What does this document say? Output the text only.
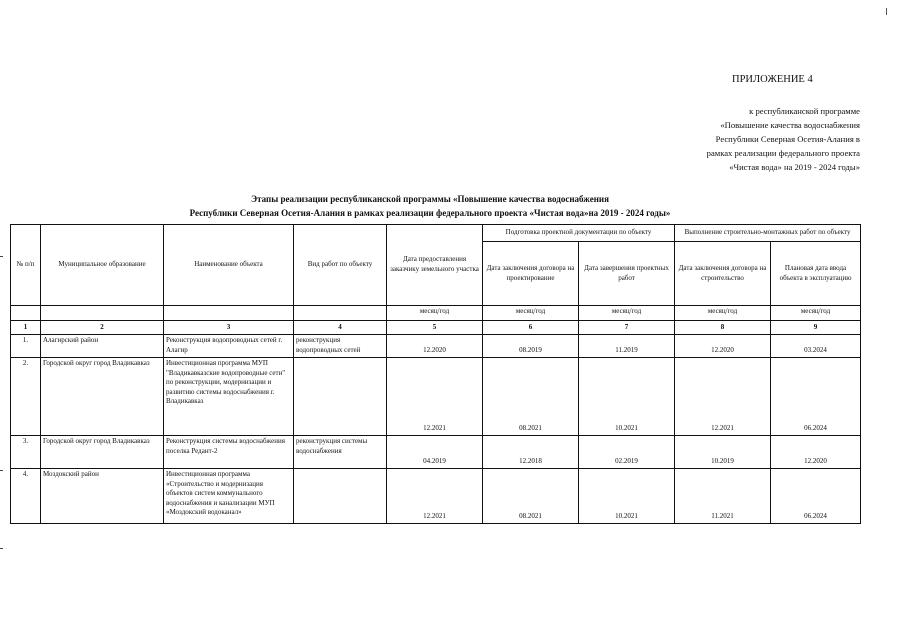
ПРИЛОЖЕНИЕ 4
к республиканской программе
«Повышение качества водоснабжения
Республики Северная Осетия-Алания в
рамках реализации федерального проекта
«Чистая вода» на 2019 - 2024 годы»
Этапы реализации республиканской программы «Повышение качества водоснабжения
Республики Северная Осетия-Алания в рамках реализации федерального проекта «Чистая вода»на 2019 - 2024 годы»
№ п/п	Муниципальное образование	Наименование объекта	Вид работ по объекту	Дата предоставления заказчику земельного участка	Подготовка проектной документации по объекту		Выполнение строительно-монтажных работ по объекту	
					Дата заключения договора на проектирование	Дата завершения проектных работ	Дата заключения договора на строительство	Плановая дата ввода объекта в эксплуатацию
				месяц/год	месяц/год	месяц/год	месяц/год	месяц/год
1	2	3	4	5	6	7	8	9
1.	Алагирский район	Реконструкция водопроводных сетей г. Алагир	реконструкция водопроводных сетей	12.2020	08.2019	11.2019	12.2020	03.2024
2.	Городской округ город Владикавказ	Инвестиционная программа МУП "Владикавказские водопроводные сети" по реконструкции, модернизации и развитию системы водоснабжения г. Владикавказ		12.2021	08.2021	10.2021	12.2021	06.2024
3.	Городской округ город Владикавказ	Реконструкция системы водоснабжения поселка Редант-2	реконструкция системы водоснабжения	04.2019	12.2018	02.2019	10.2019	12.2020
4.	Моздокский район	Инвестиционная программа «Строительство и модернизация объектов систем коммунального водоснабжения и канализации МУП «Моздокский водоканал»		12.2021	08.2021	10.2021	11.2021	06.2024
